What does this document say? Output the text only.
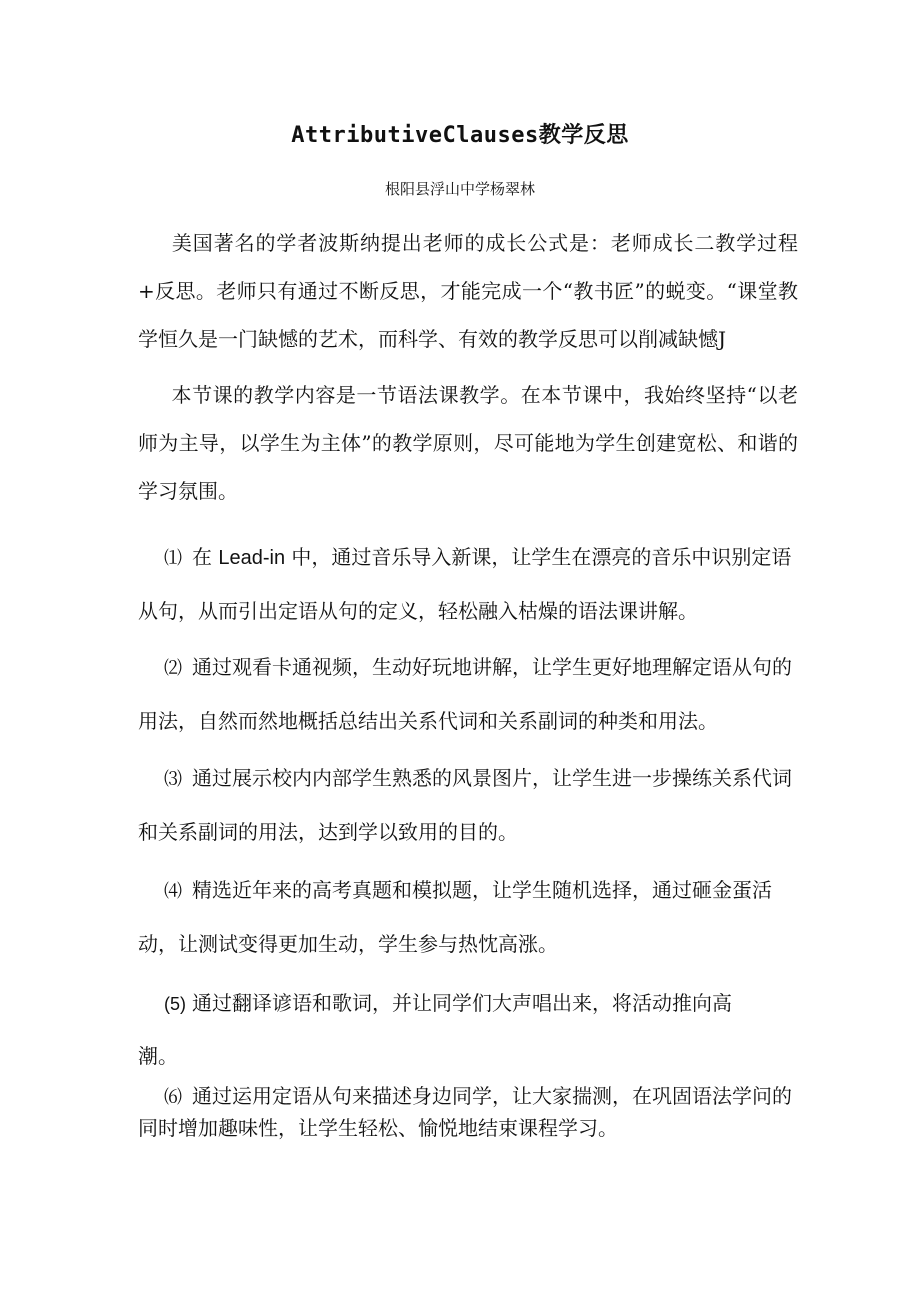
AttributiveClauses教学反思
根阳县浮山中学杨翠林

美国著名的学者波斯纳提出老师的成长公式是：老师成长二教学过程+反思。老师只有通过不断反思，才能完成一个“教书匠”的蜕变。“课堂教学恒久是一门缺憾的艺术，而科学、有效的教学反思可以削减缺憾J

本节课的教学内容是一节语法课教学。在本节课中，我始终坚持“以老师为主导，以学生为主体”的教学原则，尽可能地为学生创建宽松、和谐的学习氛围。

⑴ 在 Lead-in 中，通过音乐导入新课，让学生在漂亮的音乐中识别定语从句，从而引出定语从句的定义，轻松融入枯燥的语法课讲解。

⑵ 通过观看卡通视频，生动好玩地讲解，让学生更好地理解定语从句的用法，自然而然地概括总结出关系代词和关系副词的种类和用法。

⑶ 通过展示校内内部学生熟悉的风景图片，让学生进一步操练关系代词和关系副词的用法，达到学以致用的目的。

⑷ 精选近年来的高考真题和模拟题，让学生随机选择，通过砸金蛋活动，让测试变得更加生动，学生参与热忱高涨。

(5) 通过翻译谚语和歌词，并让同学们大声唱出来，将活动推向高

潮。

⑹ 通过运用定语从句来描述身边同学，让大家揣测，在巩固语法学问的同时增加趣味性，让学生轻松、愉悦地结束课程学习。
